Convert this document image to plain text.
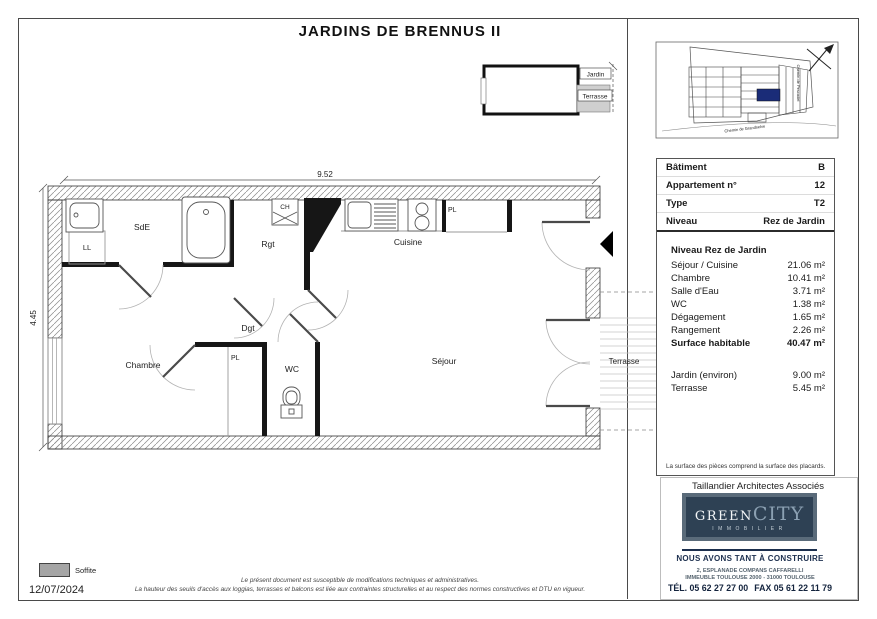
JARDINS DE BRENNUS II
9.52
4.45
SdE
LL	Rgt
CH
Cuisine
PL
PL
Dgt
WC
Chambre	Séjour	Terrasse
Jardin
Terrasse	Chemin de Pescadel
Chemin de Grandselve
Bâtiment	B
Appartement n°	12
Type	T2
Niveau	Rez de Jardin
Niveau Rez de Jardin
Séjour / Cuisine	21.06 m²
Chambre	10.41 m²
Salle d'Eau	3.71 m²
WC	1.38 m²
Dégagement	1.65 m²
Rangement	2.26 m²
Surface habitable	40.47 m²
Jardin (environ)	9.00 m²
Terrasse	5.45 m²
La surface des pièces comprend la surface des placards.
Taillandier Architectes Associés
GREENCITY
IMMOBILIER
NOUS AVONS TANT À CONSTRUIRE
2, ESPLANADE COMPANS CAFFARELLI
IMMEUBLE TOULOUSE 2000 - 31000 TOULOUSE
TÉL. 05 62 27 27 00 FAX 05 61 22 11 79
Soffite
12/07/2024
Le présent document est susceptible de modifications techniques et administratives.
La hauteur des seuils d'accès aux loggias, terrasses et balcons est liée aux contraintes structurelles et au respect des normes constructives et DTU en vigueur.
